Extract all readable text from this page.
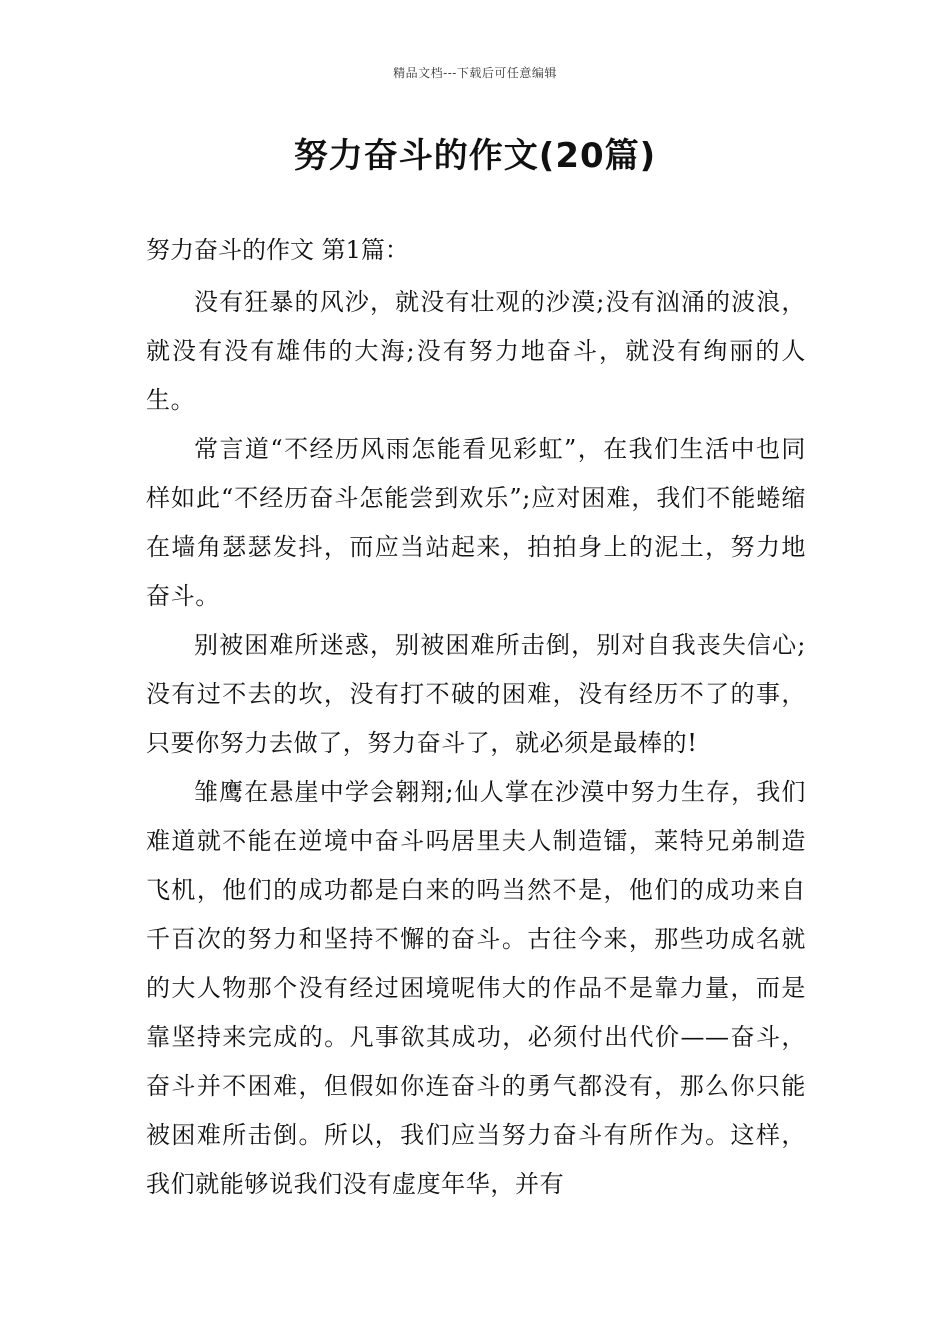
精品文档---下载后可任意编辑
努力奋斗的作文(20篇)
努力奋斗的作文 第1篇：

没有狂暴的风沙，就没有壮观的沙漠;没有汹涌的波浪，就没有没有雄伟的大海;没有努力地奋斗，就没有绚丽的人生。

常言道“不经历风雨怎能看见彩虹”，在我们生活中也同样如此“不经历奋斗怎能尝到欢乐”;应对困难，我们不能蜷缩在墙角瑟瑟发抖，而应当站起来，拍拍身上的泥土，努力地奋斗。

别被困难所迷惑，别被困难所击倒，别对自我丧失信心;没有过不去的坎，没有打不破的困难，没有经历不了的事，只要你努力去做了，努力奋斗了，就必须是最棒的!

雏鹰在悬崖中学会翱翔;仙人掌在沙漠中努力生存，我们难道就不能在逆境中奋斗吗居里夫人制造镭，莱特兄弟制造飞机，他们的成功都是白来的吗当然不是，他们的成功来自千百次的努力和坚持不懈的奋斗。古往今来，那些功成名就的大人物那个没有经过困境呢伟大的作品不是靠力量，而是靠坚持来完成的。凡事欲其成功，必须付出代价——奋斗，奋斗并不困难，但假如你连奋斗的勇气都没有，那么你只能被困难所击倒。所以，我们应当努力奋斗有所作为。这样，我们就能够说我们没有虚度年华，并有
